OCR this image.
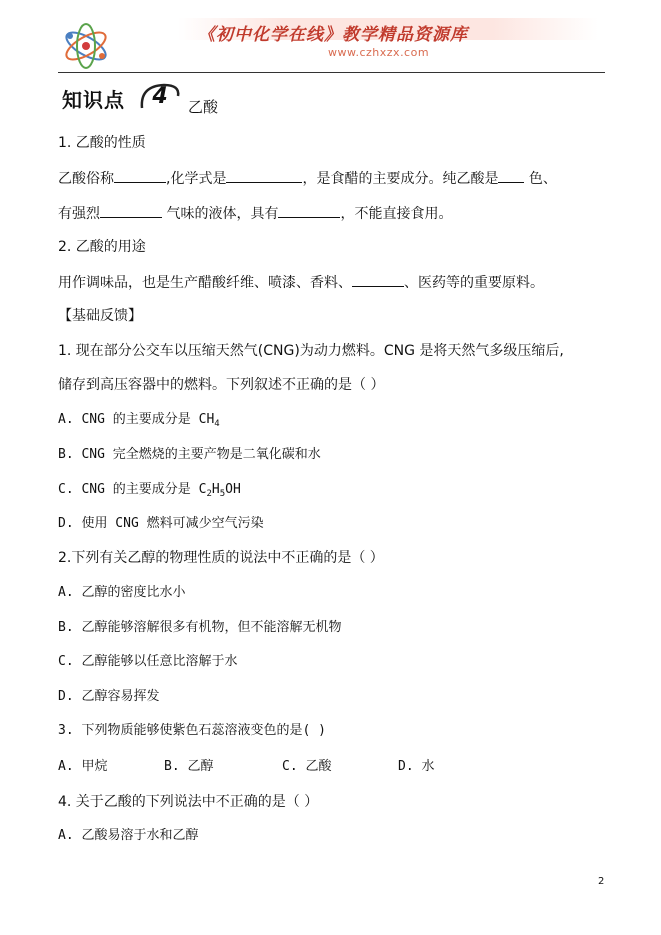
《初中化学在线》教学精品资源库
www.czhxzx.com
知识点	4	乙酸
1. 乙酸的性质
乙酸俗称	,化学式是	，是食醋的主要成分。纯乙酸是 色、
有强烈	气味的液体，具有	，不能直接食用。
2. 乙酸的用途
用作调味品，也是生产醋酸纤维、喷漆、香料、	、医药等的重要原料。
【基础反馈】
1. 现在部分公交车以压缩天然气(CNG)为动力燃料。CNG 是将天然气多级压缩后,
储存到高压容器中的燃料。下列叙述不正确的是（ ）
A. CNG 的主要成分是 $CH_4$
B. CNG 完全燃烧的主要产物是二氧化碳和水
C. CNG 的主要成分是 $C_2H_5OH$
D. 使用 CNG 燃料可减少空气污染
2.下列有关乙醇的物理性质的说法中不正确的是（ ）
A. 乙醇的密度比水小
B. 乙醇能够溶解很多有机物，但不能溶解无机物
C. 乙醇能够以任意比溶解于水
D. 乙醇容易挥发
3. 下列物质能够使紫色石蕊溶液变色的是( )
A. 甲烷	B. 乙醇	C. 乙酸	D. 水
4. 关于乙酸的下列说法中不正确的是（ ）
A. 乙酸易溶于水和乙醇
2
